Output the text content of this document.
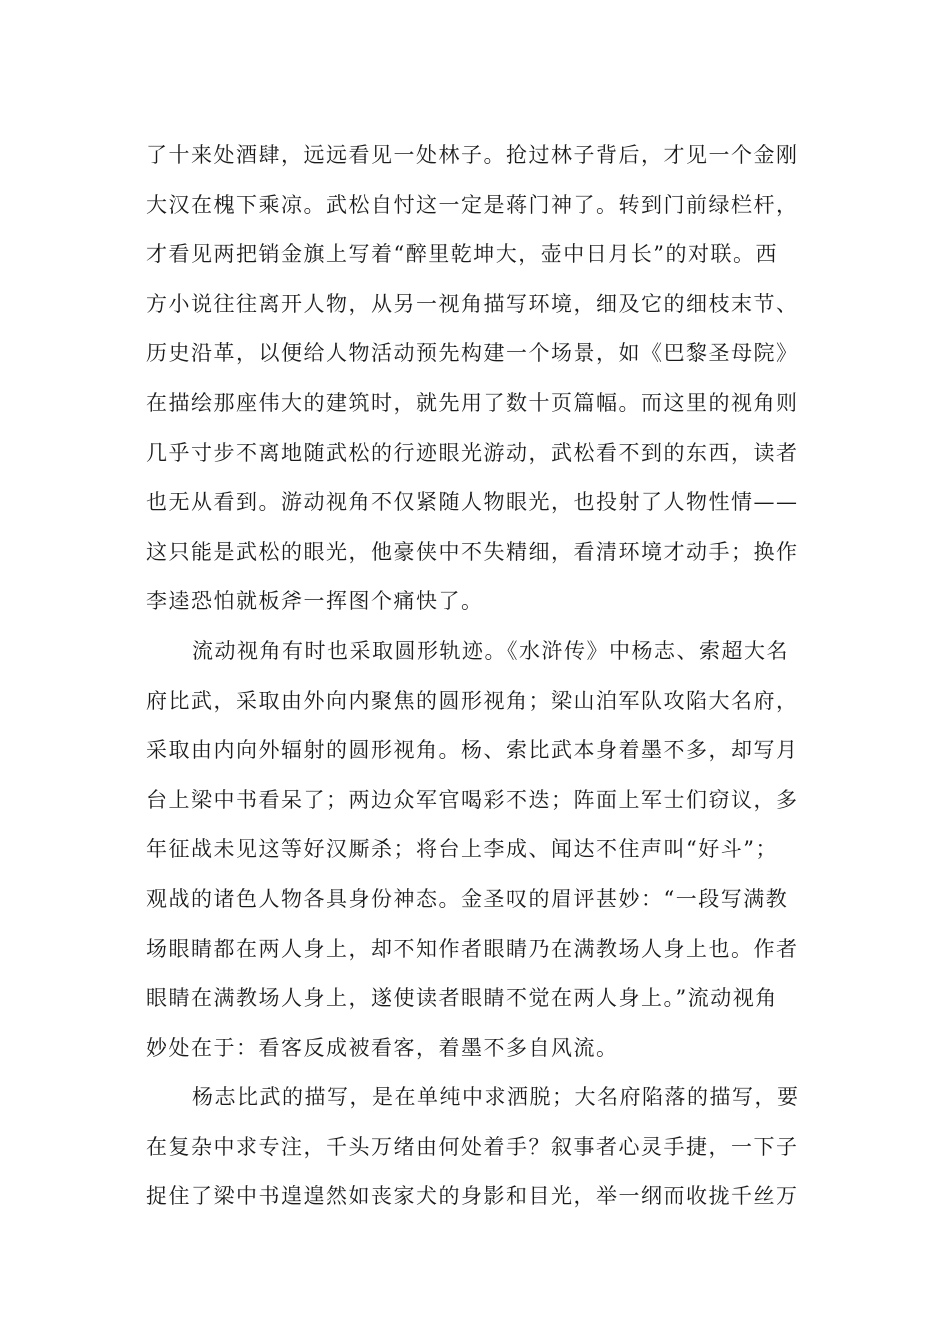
了十来处酒肆，远远看见一处林子。抢过林子背后，才见一个金刚
大汉在槐下乘凉。武松自忖这一定是蒋门神了。转到门前绿栏杆，
才看见两把销金旗上写着“醉里乾坤大，壶中日月长”的对联。西
方小说往往离开人物，从另一视角描写环境，细及它的细枝末节、
历史沿革，以便给人物活动预先构建一个场景，如《巴黎圣母院》
在描绘那座伟大的建筑时，就先用了数十页篇幅。而这里的视角则
几乎寸步不离地随武松的行迹眼光游动，武松看不到的东西，读者
也无从看到。游动视角不仅紧随人物眼光，也投射了人物性情——
这只能是武松的眼光，他豪侠中不失精细，看清环境才动手；换作
李逵恐怕就板斧一挥图个痛快了。
流动视角有时也采取圆形轨迹。《水浒传》中杨志、索超大名
府比武，采取由外向内聚焦的圆形视角；梁山泊军队攻陷大名府，
采取由内向外辐射的圆形视角。杨、索比武本身着墨不多，却写月
台上梁中书看呆了；两边众军官喝彩不迭；阵面上军士们窃议，多
年征战未见这等好汉厮杀；将台上李成、闻达不住声叫“好斗”；
观战的诸色人物各具身份神态。金圣叹的眉评甚妙：“一段写满教
场眼睛都在两人身上，却不知作者眼睛乃在满教场人身上也。作者
眼睛在满教场人身上，遂使读者眼睛不觉在两人身上。”流动视角
妙处在于：看客反成被看客，着墨不多自风流。
杨志比武的描写，是在单纯中求洒脱；大名府陷落的描写，要
在复杂中求专注，千头万绪由何处着手？叙事者心灵手捷，一下子
捉住了梁中书遑遑然如丧家犬的身影和目光，举一纲而收拢千丝万
